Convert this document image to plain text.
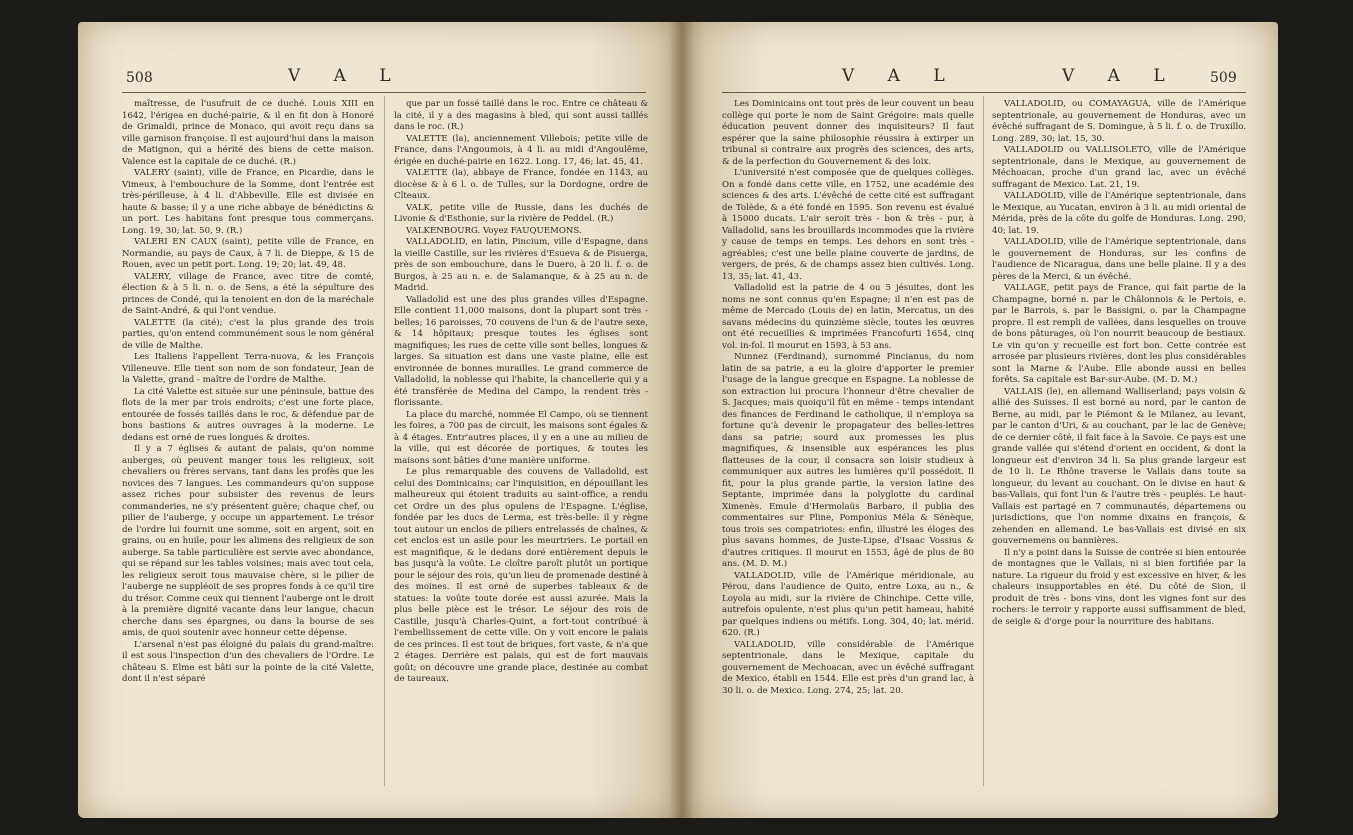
508	V A L

maîtresse, de l'usufruit de ce duché. Louis XIII en 1642, l'érigea en duché-pairie, & il en fit don à Honoré de Grimaldi, prince de Monaco, qui avoit reçu dans sa ville garnison françoise. Il est aujourd'hui dans la maison de Matignon, qui a hérité des biens de cette maison. Valence est la capitale de ce duché. (R.)

VALERY (saint), ville de France, en Picardie, dans le Vimeux, à l'embouchure de la Somme, dont l'entrée est très-périlleuse, à 4 li. d'Abbeville. Elle est divisée en haute & basse; il y a une riche abbaye de bénédictins & un port. Les habitans font presque tous commerçans. Long. 19, 30; lat. 50, 9. (R.)

VALERI EN CAUX (saint), petite ville de France, en Normandie, au pays de Caux, à 7 li. de Dieppe, & 15 de Rouen, avec un petit port. Long. 19; 20; lat. 49, 48.

VALERY, village de France, avec titre de comté, élection & à 5 li. n. o. de Sens, a été la sépulture des princes de Condé, qui la tenoient en don de la maréchale de Saint-André, & qui l'ont vendue.

VALETTE (la cité); c'est la plus grande des trois parties, qu'on entend communément sous le nom général de ville de Malthe.

Les Italiens l'appellent Terra-nuova, & les François Villeneuve. Elle tient son nom de son fondateur, Jean de la Valette, grand - maître de l'ordre de Malthe.

La cité Valette est située sur une péninsule, battue des flots de la mer par trois endroits; c'est une forte place, entourée de fossés taillés dans le roc, & défendue par de bons bastions & autres ouvrages à la moderne. Le dedans est orné de rues longues & droites.

Il y a 7 églises & autant de palais, qu'on nomme auberges, où peuvent manger tous les religieux, soit chevaliers ou frères servans, tant dans les profès que les novices des 7 langues. Les commandeurs qu'on suppose assez riches pour subsister des revenus de leurs commanderies, ne s'y présentent guère; chaque chef, ou pilier de l'auberge, y occupe un appartement. Le trésor de l'ordre lui fournit une somme, soit en argent, soit en grains, ou en huile, pour les alimens des religieux de son auberge. Sa table particulière est servie avec abondance, qui se répand sur les tables voisines; mais avec tout cela, les religieux seroit tous mauvaise chère, si le pilier de l'auberge ne suppléoit de ses propres fonds à ce qu'il tire du trésor. Comme ceux qui tiennent l'auberge ont le droit à la première dignité vacante dans leur langue, chacun cherche dans ses épargnes, ou dans la bourse de ses amis, de quoi soutenir avec honneur cette dépense.

L'arsenal n'est pas éloigné du palais du grand-maître: il est sous l'inspection d'un des chevaliers de l'Ordre. Le château S. Elme est bâti sur la pointe de la cité Valette, dont il n'est séparé

que par un fossé taillé dans le roc. Entre ce château & la cité, il y a des magasins à bled, qui sont aussi taillés dans le roc. (R.)

VALETTE (la), anciennement Villebois; petite ville de France, dans l'Angoumois, à 4 li. au midi d'Angoulême, érigée en duché-pairie en 1622. Long. 17, 46; lat. 45, 41.

VALETTE (la), abbaye de France, fondée en 1143, au diocèse & à 6 l. o. de Tulles, sur la Dordogne, ordre de Cîteaux.

VALK, petite ville de Russie, dans les duchés de Livonie & d'Esthonie, sur la rivière de Peddel. (R.)

VALKENBOURG. Voyez FAUQUEMONS.

VALLADOLID, en latin, Pincium, ville d'Espagne, dans la vieille Castille, sur les rivières d'Esueva & de Pisuerga, près de son embouchure, dans le Duero, à 20 li. f. o. de Burgos, à 25 au n. e. de Salamanque, & à 25 au n. de Madrid.

Valladolid est une des plus grandes villes d'Espagne. Elle contient 11,000 maisons, dont la plupart sont très - belles; 16 paroisses, 70 couvens de l'un & de l'autre sexe, & 14 hôpitaux; presque toutes les églises sont magnifiques; les rues de cette ville sont belles, longues & larges. Sa situation est dans une vaste plaine, elle est environnée de bonnes murailles. Le grand commerce de Valladolid, la noblesse qui l'habite, la chancellerie qui y a été transférée de Medina del Campo, la rendent très - florissante.

La place du marché, nommée El Campo, où se tiennent les foires, a 700 pas de circuit, les maisons sont égales & à 4 étages. Entr'autres places, il y en a une au milieu de la ville, qui est décorée de portiques, & toutes les maisons sont bâties d'une manière uniforme.

Le plus remarquable des couvens de Valladolid, est celui des Dominicains; car l'inquisition, en dépouillant les malheureux qui étoient traduits au saint-office, a rendu cet Ordre un des plus opulens de l'Espagne. L'église, fondée par les ducs de Lerma, est très-belle: il y règne tout autour un enclos de piliers entrelassés de chaînes, & cet enclos est un asile pour les meurtriers. Le portail en est magnifique, & le dedans doré entièrement depuis le bas jusqu'à la voûte. Le cloître paroît plutôt un portique pour le séjour des rois, qu'un lieu de promenade destiné à des moines. Il est orné de superbes tableaux & de statues: la voûte toute dorée est aussi azurée. Mais la plus belle pièce est le trésor. Le séjour des rois de Castille, jusqu'à Charles-Quint, a fort-tout contribué à l'embellissement de cette ville. On y voit encore le palais de ces princes. Il est tout de briques, fort vaste, & n'a que 2 étages. Derrière est palais, qui est de fort mauvais goût; on découvre une grande place, destinée au combat de taureaux.

V A L	V A L 509

Les Dominicains ont tout près de leur couvent un beau collège qui porte le nom de Saint Grégoire: mais quelle éducation peuvent donner des inquisiteurs? Il faut espérer que la saine philosophie réussira à extirper un tribunal si contraire aux progrès des sciences, des arts, & de la perfection du Gouvernement & des loix.

L'université n'est composée que de quelques collèges. On a fondé dans cette ville, en 1752, une académie des sciences & des arts. L'évêché de cette cité est suffragant de Tolède, & a été fondé en 1595. Son revenu est évalué à 15000 ducats. L'air seroit très - bon & très - pur, à Valladolid, sans les brouillards incommodes que la rivière y cause de temps en temps. Les dehors en sont très - agréables; c'est une belle plaine couverte de jardins, de vergers, de prés, & de champs assez bien cultivés. Long. 13, 35; lat. 41, 43.

Valladolid est la patrie de 4 ou 5 jésuites, dont les noms ne sont connus qu'en Espagne; il n'en est pas de même de Mercado (Louis de) en latin, Mercatus, un des savans médecins du quinzième siècle, toutes les œuvres ont été recueillies & imprimées Francofurti 1654, cinq vol. in-fol. Il mourut en 1593, à 53 ans.

Nunnez (Ferdinand), surnommé Pincianus, du nom latin de sa patrie, a eu la gloire d'apporter le premier l'usage de la langue grecque en Espagne. La noblesse de son extraction lui procura l'honneur d'être chevalier de S. Jacques; mais quoiqu'il fût en même - temps intendant des finances de Ferdinand le catholique, il n'employa sa fortune qu'à devenir le propagateur des belles-lettres dans sa patrie; sourd aux promesses les plus magnifiques, & insensible aux espérances les plus flatteuses de la cour, il consacra son loisir studieux à communiquer aux autres les lumières qu'il possédoit. Il fit, pour la plus grande partie, la version latine des Septante, imprimée dans la polyglotte du cardinal Ximenès. Emule d'Hermolaüs Barbaro, il publia des commentaires sur Pline, Pomponius Méla & Sénèque, tous trois ses compatriotes: enfin, illustré les éloges des plus savans hommes, de Juste-Lipse, d'Isaac Vossius & d'autres critiques. Il mourut en 1553, âgé de plus de 80 ans. (M. D. M.)

VALLADOLID, ville de l'Amérique méridionale, au Pérou, dans l'audience de Quito, entre Loxa, au n., & Loyola au midi, sur la rivière de Chinchipe. Cette ville, autrefois opulente, n'est plus qu'un petit hameau, habité par quelques indiens ou métifs. Long. 304, 40; lat. mérid. 620. (R.)

VALLADOLID, ville considérable de l'Amérique septentrionale, dans le Mexique, capitale du gouvernement de Mechoacan, avec un évêché suffragant de Mexico, établi en 1544. Elle est près d'un grand lac, à 30 li. o. de Mexico. Long. 274, 25; lat. 20.

VALLADOLID, ou COMAYAGUA, ville de l'Amérique septentrionale, au gouvernement de Honduras, avec un évêché suffragant de S. Domingue, à 5 li. f. o. de Truxillo. Long. 289, 30; lat. 15, 30.

VALLADOLID ou VALLISOLETO, ville de l'Amérique septentrionale, dans le Mexique, au gouvernement de Méchoacan, proche d'un grand lac, avec un évêché suffragant de Mexico. Lat. 21, 19.

VALLADOLID, ville de l'Amérique septentrionale, dans le Mexique, au Yucatan, environ à 3 li. au midi oriental de Mérida, près de la côte du golfe de Honduras. Long. 290, 40; lat. 19.

VALLADOLID, ville de l'Amérique septentrionale, dans le gouvernement de Honduras, sur les confins de l'audience de Nicaragua, dans une belle plaine. Il y a des pères de la Merci, & un évêché.

VALLAGE, petit pays de France, qui fait partie de la Champagne, borné n. par le Châlonnois & le Pertois, e. par le Barrois, s. par le Bassigni, o. par la Champagne propre. Il est rempli de vallées, dans lesquelles on trouve de bons pâturages, où l'on nourrit beaucoup de bestiaux. Le vin qu'on y recueille est fort bon. Cette contrée est arrosée par plusieurs rivières, dont les plus considérables sont la Marne & l'Aube. Elle abonde aussi en belles forêts. Sa capitale est Bar-sur-Aube. (M. D. M.)

VALLAIS (le), en allemand Walliserland; pays voisin & allié des Suisses. Il est borné au nord, par le canton de Berne, au midi, par le Piémont & le Milanez, au levant, par le canton d'Uri, & au couchant, par le lac de Genève; de ce dernier côté, il fait face à la Savoie. Ce pays est une grande vallée qui s'étend d'orient en occident, & dont la longueur est d'environ 34 li. Sa plus grande largeur est de 10 li. Le Rhône traverse le Vallais dans toute sa longueur, du levant au couchant. On le divise en haut & bas-Vallais, qui font l'un & l'autre très - peuplés. Le haut-Vallais est partagé en 7 communautés, départemens ou jurisdictions, que l'on nomme dixains en françois, & zehenden en allemand. Le bas-Vallais est divisé en six gouvernemens ou bannières.

Il n'y a point dans la Suisse de contrée si bien entourée de montagnes que le Vallais, ni si bien fortifiée par la nature. La rigueur du froid y est excessive en hiver, & les chaleurs insupportables en été. Du côté de Sion, il produit de très - bons vins, dont les vignes font sur des rochers: le terroir y rapporte aussi suffisamment de bled, de seigle & d'orge pour la nourriture des habitans.
